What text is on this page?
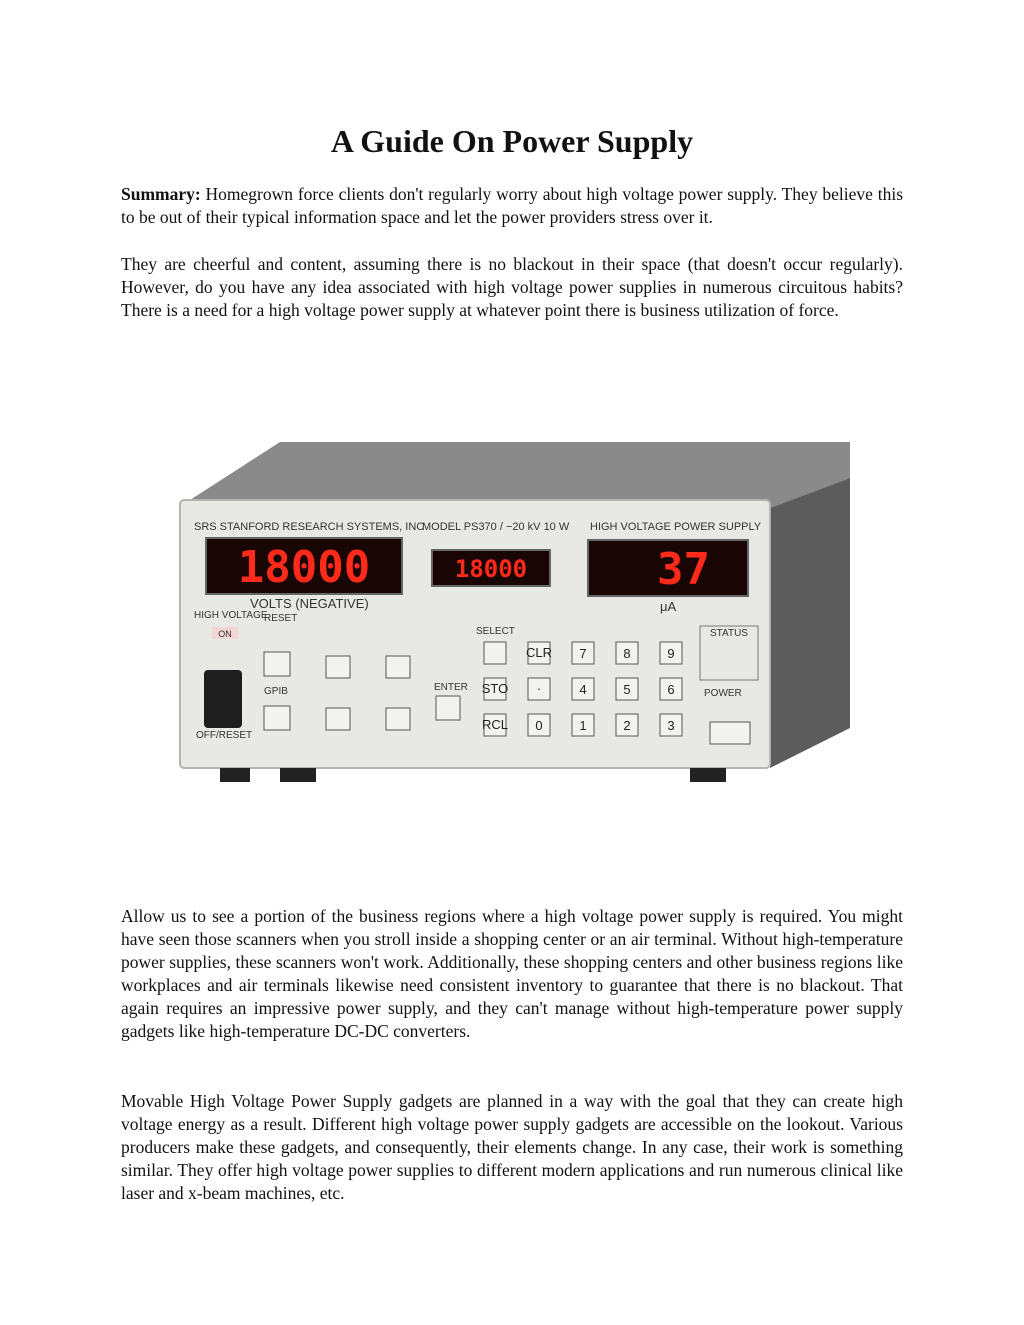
A Guide On Power Supply

Summary: Homegrown force clients don't regularly worry about high voltage power supply. They believe this to be out of their typical information space and let the power providers stress over it.

They are cheerful and content, assuming there is no blackout in their space (that doesn't occur regularly). However, do you have any idea associated with high voltage power supplies in numerous circuitous habits? There is a need for a high voltage power supply at whatever point there is business utilization of force.

SRS STANFORD RESEARCH SYSTEMS, INC
MODEL PS370 / −20 kV 10 W HIGH VOLTAGE POWER SUPPLY
18000
VOLTS (NEGATIVE)
18000	37
μA
HIGH VOLTAGE
ON
OFF/RESET
RESET
GPIB	ENTER
SELECT
CLR
STO ·
RCL 0
7	8	9
4	5	6
1	2	3
STATUS
POWER

Allow us to see a portion of the business regions where a high voltage power supply is required. You might have seen those scanners when you stroll inside a shopping center or an air terminal. Without high-temperature power supplies, these scanners won't work. Additionally, these shopping centers and other business regions like workplaces and air terminals likewise need consistent inventory to guarantee that there is no blackout. That again requires an impressive power supply, and they can't manage without high-temperature power supply gadgets like high-temperature DC-DC converters.

Movable High Voltage Power Supply gadgets are planned in a way with the goal that they can create high voltage energy as a result. Different high voltage power supply gadgets are accessible on the lookout. Various producers make these gadgets, and consequently, their elements change. In any case, their work is something similar. They offer high voltage power supplies to different modern applications and run numerous clinical like laser and x-beam machines, etc.
